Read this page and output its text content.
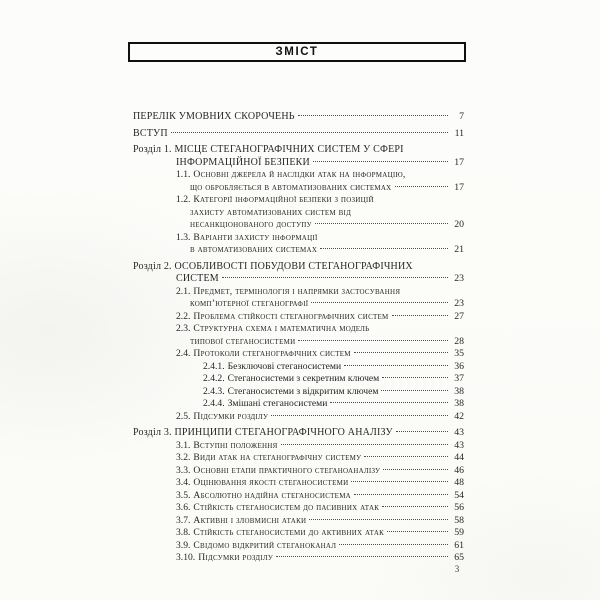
ЗМІСТ
ПЕРЕЛІК УМОВНИХ СКОРОЧЕНЬ	7
ВСТУП	11
Розділ 1. МІСЦЕ СТЕГАНОГРАФІЧНИХ СИСТЕМ У СФЕРІ
ІНФОРМАЦІЙНОЇ БЕЗПЕКИ	17
1.1. Основні джерела й наслідки атак на інформацію,
що обробляється в автоматизованих системах	17
1.2. Категорії інформаційної безпеки з позицій
захисту автоматизованих систем від
несанкціонованого доступу	20
1.3. Варіанти захисту інформації
в автоматизованих системах	21
Розділ 2. ОСОБЛИВОСТІ ПОБУДОВИ СТЕГАНОГРАФІЧНИХ
СИСТЕМ	23
2.1. Предмет, термінологія і напрямки застосування
комп’ютерної стеганографії	23
2.2. Проблема стійкості стеганографічних систем	27
2.3. Структурна схема і математична модель
типової стеганосистеми	28
2.4. Протоколи стеганографічних систем	35
2.4.1. Безключові стеганосистеми	36
2.4.2. Стеганосистеми з секретним ключем	37
2.4.3. Стеганосистеми з відкритим ключем	38
2.4.4. Змішані стеганосистеми	38
2.5. Підсумки розділу	42
Розділ 3. ПРИНЦИПИ СТЕГАНОГРАФІЧНОГО АНАЛІЗУ	43
3.1. Вступні положення	43
3.2. Види атак на стеганографічну систему	44
3.3. Основні етапи практичного стеганоаналізу	46
3.4. Оцінювання якості стеганосистеми	48
3.5. Абсолютно надійна стеганосистема	54
3.6. Стійкість стеганосистем до пасивних атак	56
3.7. Активні і зловмисні атаки	58
3.8. Стійкість стеганосистеми до активних атак	59
3.9. Свідомо відкритий стеганоканал	61
3.10. Підсумки розділу	65
3
